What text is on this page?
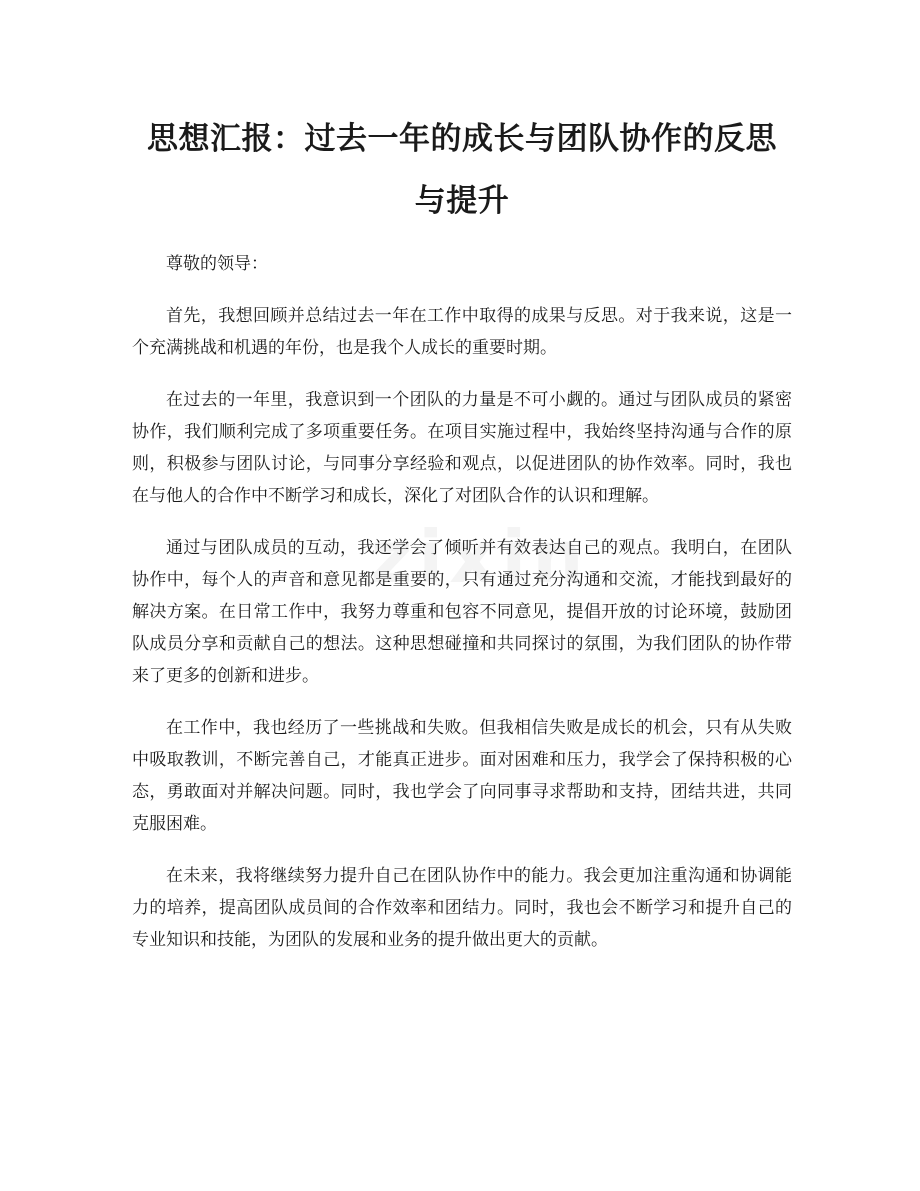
思想汇报：过去一年的成长与团队协作的反思与提升

尊敬的领导：

首先，我想回顾并总结过去一年在工作中取得的成果与反思。对于我来说，这是一个充满挑战和机遇的年份，也是我个人成长的重要时期。

在过去的一年里，我意识到一个团队的力量是不可小觑的。通过与团队成员的紧密协作，我们顺利完成了多项重要任务。在项目实施过程中，我始终坚持沟通与合作的原则，积极参与团队讨论，与同事分享经验和观点，以促进团队的协作效率。同时，我也在与他人的合作中不断学习和成长，深化了对团队合作的认识和理解。

通过与团队成员的互动，我还学会了倾听并有效表达自己的观点。我明白，在团队协作中，每个人的声音和意见都是重要的，只有通过充分沟通和交流，才能找到最好的解决方案。在日常工作中，我努力尊重和包容不同意见，提倡开放的讨论环境，鼓励团队成员分享和贡献自己的想法。这种思想碰撞和共同探讨的氛围，为我们团队的协作带来了更多的创新和进步。

在工作中，我也经历了一些挑战和失败。但我相信失败是成长的机会，只有从失败中吸取教训，不断完善自己，才能真正进步。面对困难和压力，我学会了保持积极的心态，勇敢面对并解决问题。同时，我也学会了向同事寻求帮助和支持，团结共进，共同克服困难。

在未来，我将继续努力提升自己在团队协作中的能力。我会更加注重沟通和协调能力的培养，提高团队成员间的合作效率和团结力。同时，我也会不断学习和提升自己的专业知识和技能，为团队的发展和业务的提升做出更大的贡献。
